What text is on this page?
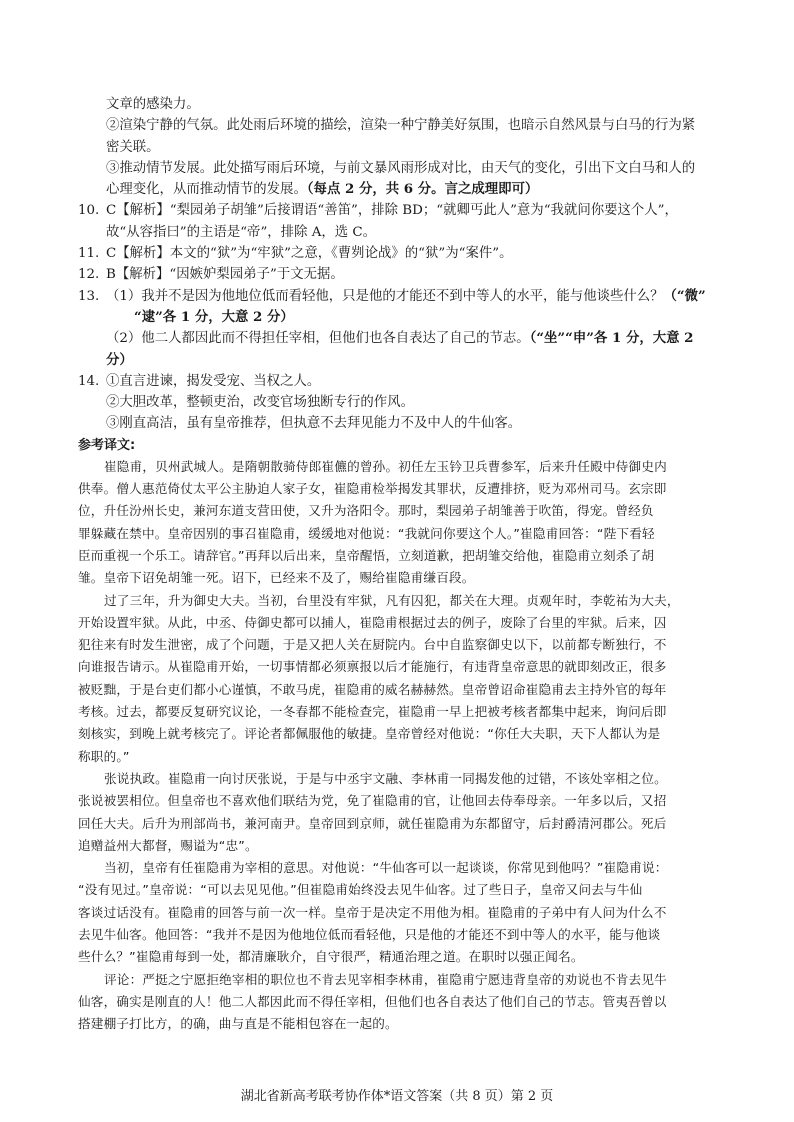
文章的感染力。
②渲染宁静的气氛。此处雨后环境的描绘，渲染一种宁静美好氛围，也暗示自然风景与白马的行为紧
密关联。
③推动情节发展。此处描写雨后环境，与前文暴风雨形成对比，由天气的变化，引出下文白马和人的
心理变化，从而推动情节的发展。（每点 2 分，共 6 分。言之成理即可）
10. C【解析】“梨园弟子胡雏”后接谓语“善笛”，排除 BD；“就卿丐此人”意为“我就问你要这个人”，
故“从容指曰”的主语是“帝”，排除 A，选 C。
11. C【解析】本文的“狱”为“牢狱”之意，《曹刿论战》的“狱”为“案件”。
12. B【解析】“因嫉妒梨园弟子”于文无据。
13. （1）我并不是因为他地位低而看轻他，只是他的才能还不到中等人的水平，能与他谈些什么？（“微”
“逮”各 1 分，大意 2 分）
（2）他二人都因此而不得担任宰相，但他们也各自表达了自己的节志。（“坐”“申”各 1 分，大意 2
分）
14. ①直言进谏，揭发受宠、当权之人。
②大胆改革，整顿吏治，改变官场独断专行的作风。
③刚直高洁，虽有皇帝推荐，但执意不去拜见能力不及中人的牛仙客。
参考译文:
崔隐甫，贝州武城人。是隋朝散骑侍郎崔儦的曾孙。初任左玉钤卫兵曹参军，后来升任殿中侍御史内
供奉。僧人惠范倚仗太平公主胁迫人家子女，崔隐甫检举揭发其罪状，反遭排挤，贬为邓州司马。玄宗即
位，升任汾州长史，兼河东道支营田使，又升为洛阳令。那时，梨园弟子胡雏善于吹笛，得宠。曾经负
罪躲藏在禁中。皇帝因别的事召崔隐甫，缓缓地对他说：“我就问你要这个人。”崔隐甫回答：“陛下看轻
臣而重视一个乐工。请辞官。”再拜以后出来，皇帝醒悟，立刻道歉，把胡雏交给他，崔隐甫立刻杀了胡
雏。皇帝下诏免胡雏一死。诏下，已经来不及了，赐给崔隐甫缣百段。
过了三年，升为御史大夫。当初，台里没有牢狱，凡有囚犯，都关在大理。贞观年时，李乾祐为大夫，
开始设置牢狱。从此，中丞、侍御史都可以捕人，崔隐甫根据过去的例子，废除了台里的牢狱。后来，囚
犯往来有时发生泄密，成了个问题，于是又把人关在厨院内。台中自监察御史以下，以前都专断独行，不
向谁报告请示。从崔隐甫开始，一切事情都必须禀报以后才能施行，有违背皇帝意思的就即刻改正，很多
被贬黜，于是台吏们都小心谨慎，不敢马虎，崔隐甫的威名赫赫然。皇帝曾诏命崔隐甫去主持外官的每年
考核。过去，都要反复研究议论，一冬春都不能检查完，崔隐甫一早上把被考核者都集中起来，询问后即
刻核实，到晚上就考核完了。评论者都佩服他的敏捷。皇帝曾经对他说：“你任大夫职，天下人都认为是
称职的。”
张说执政。崔隐甫一向讨厌张说，于是与中丞宇文融、李林甫一同揭发他的过错，不该处宰相之位。
张说被罢相位。但皇帝也不喜欢他们联结为党，免了崔隐甫的官，让他回去侍奉母亲。一年多以后，又招
回任大夫。后升为刑部尚书，兼河南尹。皇帝回到京师，就任崔隐甫为东都留守，后封爵清河郡公。死后
追赠益州大都督，赐谥为“忠”。
当初，皇帝有任崔隐甫为宰相的意思。对他说：“牛仙客可以一起谈谈，你常见到他吗？”崔隐甫说：
“没有见过。”皇帝说：“可以去见见他。”但崔隐甫始终没去见牛仙客。过了些日子，皇帝又问去与牛仙
客谈过话没有。崔隐甫的回答与前一次一样。皇帝于是决定不用他为相。崔隐甫的子弟中有人问为什么不
去见牛仙客。他回答：“我并不是因为他地位低而看轻他，只是他的才能还不到中等人的水平，能与他谈
些什么？”崔隐甫每到一处，都清廉耿介，自守很严，精通治理之道。在职时以强正闻名。
评论：严挺之宁愿拒绝宰相的职位也不肯去见宰相李林甫，崔隐甫宁愿违背皇帝的劝说也不肯去见牛
仙客，确实是刚直的人！他二人都因此而不得任宰相，但他们也各自表达了他们自己的节志。管夷吾曾以
搭建棚子打比方，的确，曲与直是不能相包容在一起的。
湖北省新高考联考协作体*语文答案（共 8 页）第 2 页
